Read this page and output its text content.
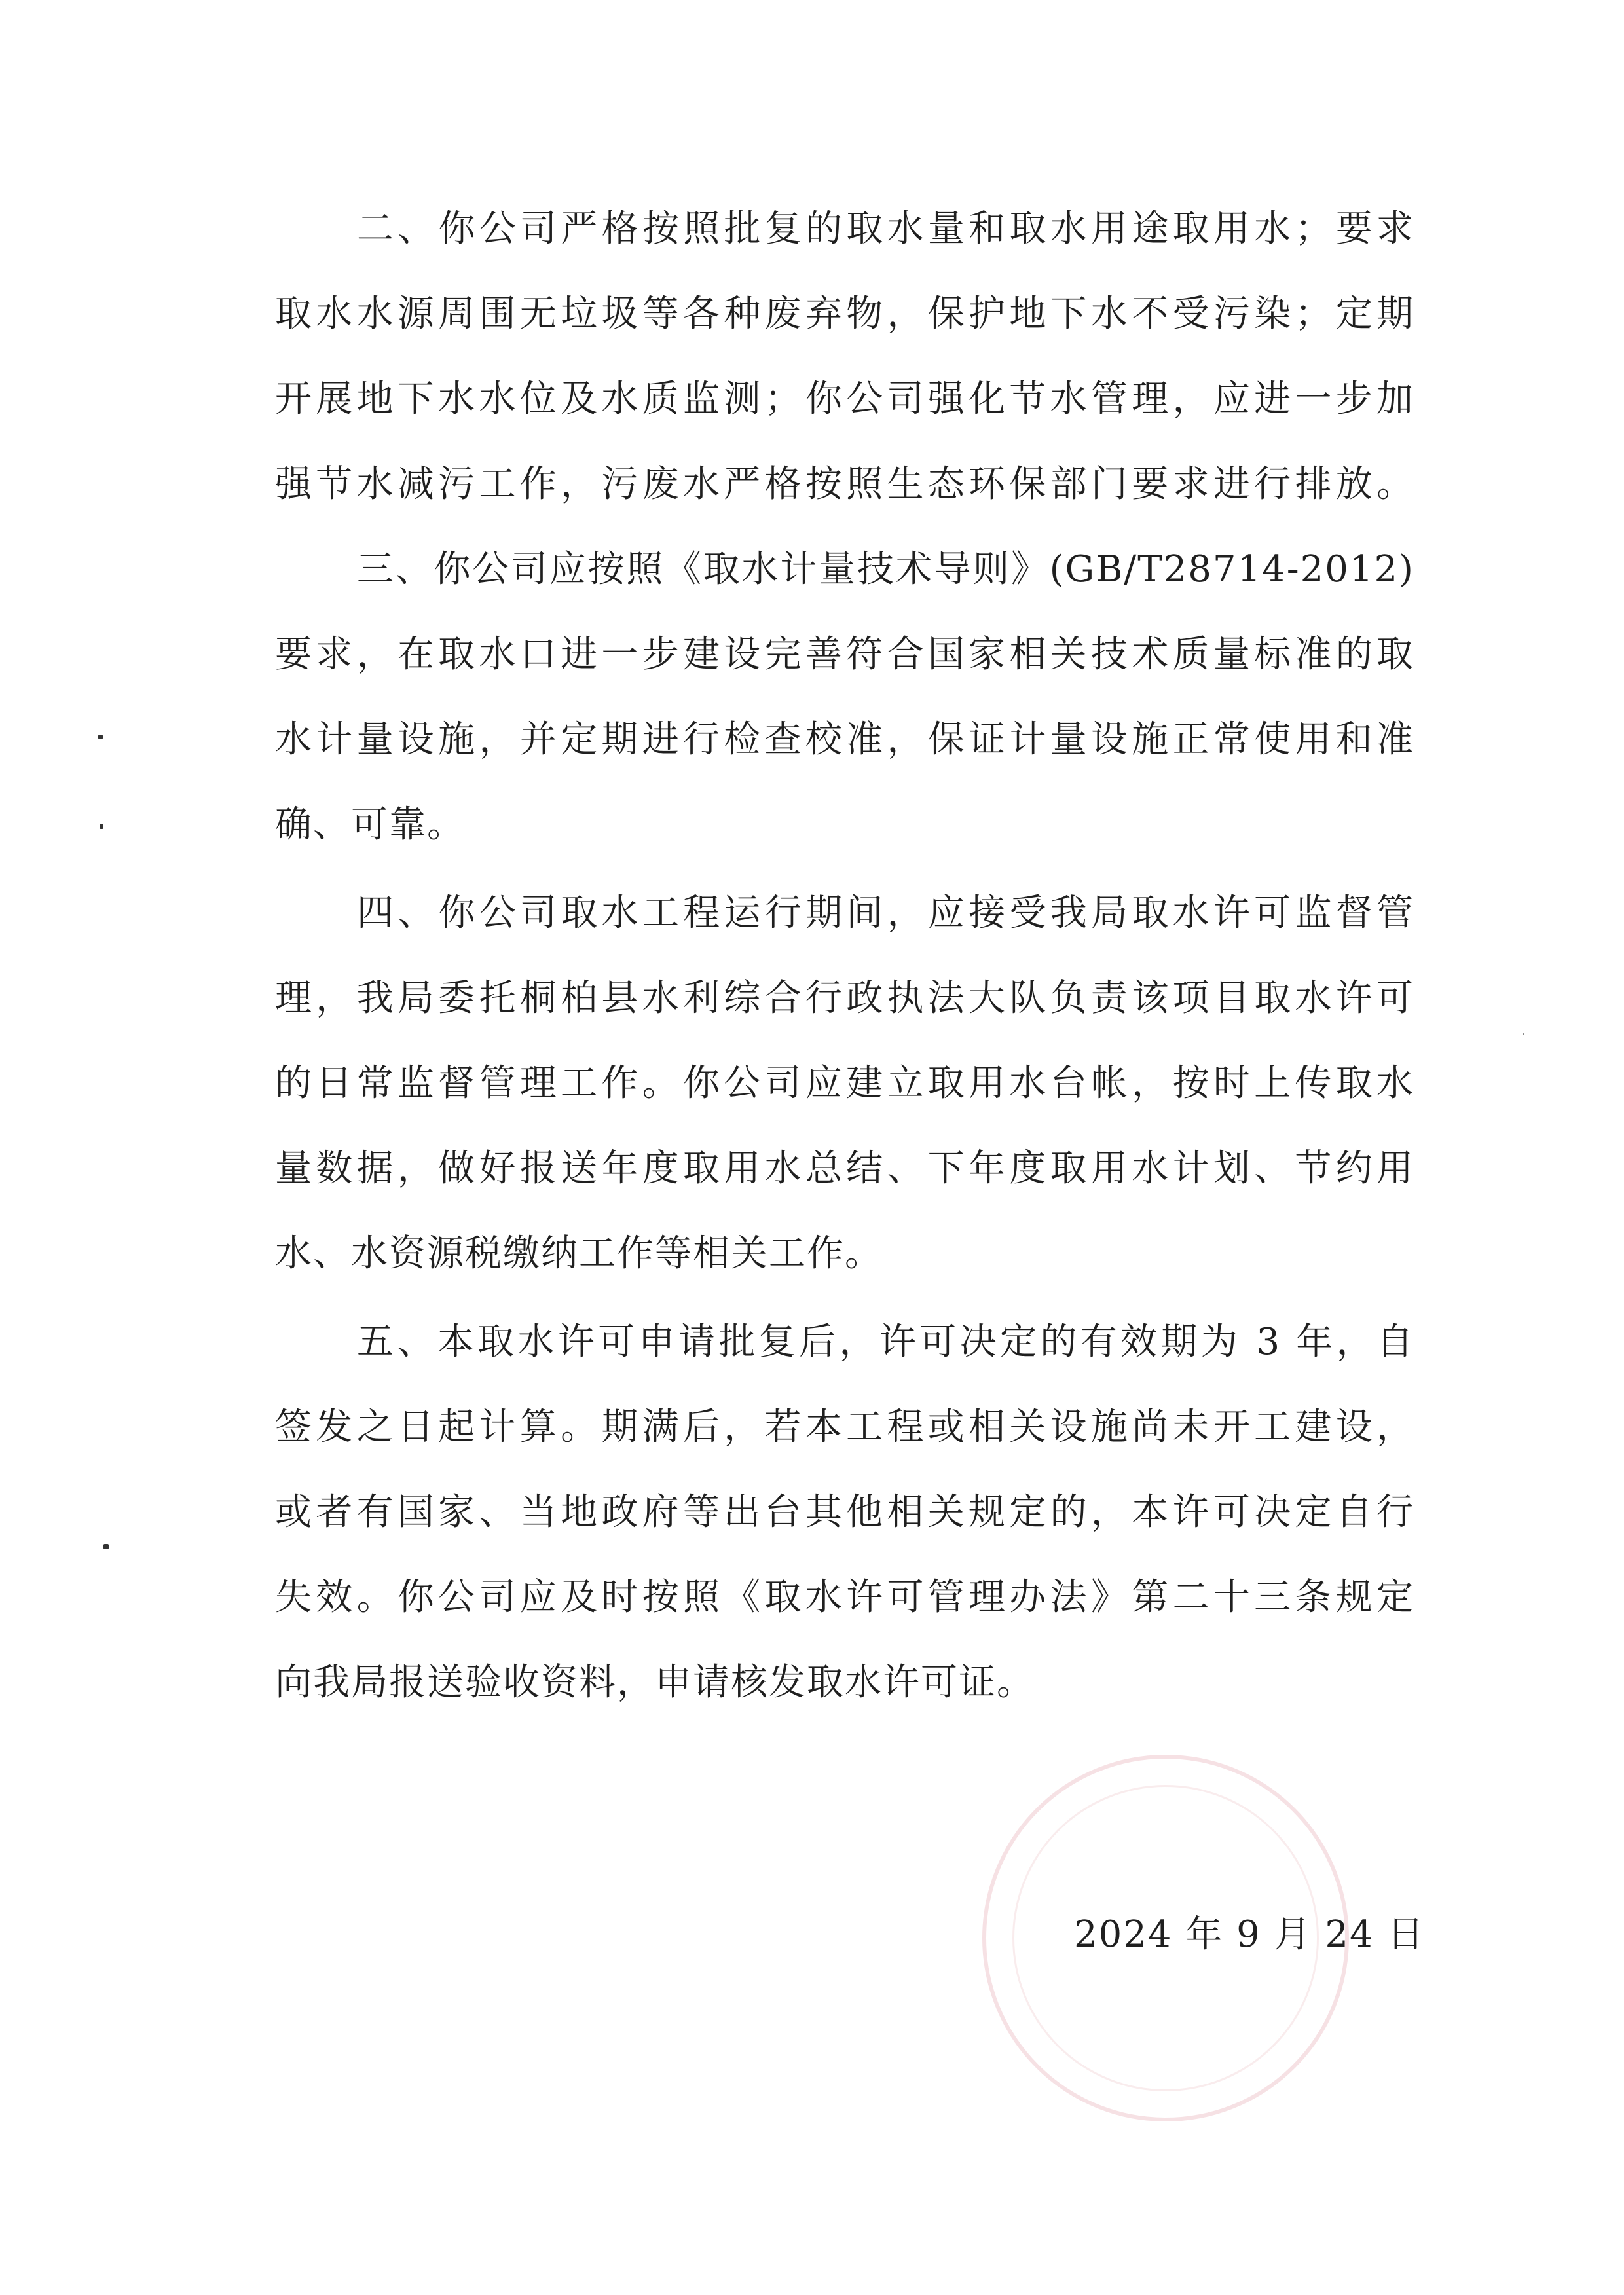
二、你公司严格按照批复的取水量和取水用途取用水；要求
取水水源周围无垃圾等各种废弃物，保护地下水不受污染；定期
开展地下水水位及水质监测；你公司强化节水管理，应进一步加
强节水减污工作，污废水严格按照生态环保部门要求进行排放。
三、你公司应按照《取水计量技术导则》(GB/T28714-2012)
要求，在取水口进一步建设完善符合国家相关技术质量标准的取
水计量设施，并定期进行检查校准，保证计量设施正常使用和准
确、可靠。
四、你公司取水工程运行期间，应接受我局取水许可监督管
理，我局委托桐柏县水利综合行政执法大队负责该项目取水许可
的日常监督管理工作。你公司应建立取用水台帐，按时上传取水
量数据，做好报送年度取用水总结、下年度取用水计划、节约用
水、水资源税缴纳工作等相关工作。
五、本取水许可申请批复后，许可决定的有效期为 3 年，自
签发之日起计算。期满后，若本工程或相关设施尚未开工建设，
或者有国家、当地政府等出台其他相关规定的，本许可决定自行
失效。你公司应及时按照《取水许可管理办法》第二十三条规定
向我局报送验收资料，申请核发取水许可证。
2024 年 9 月 24 日
